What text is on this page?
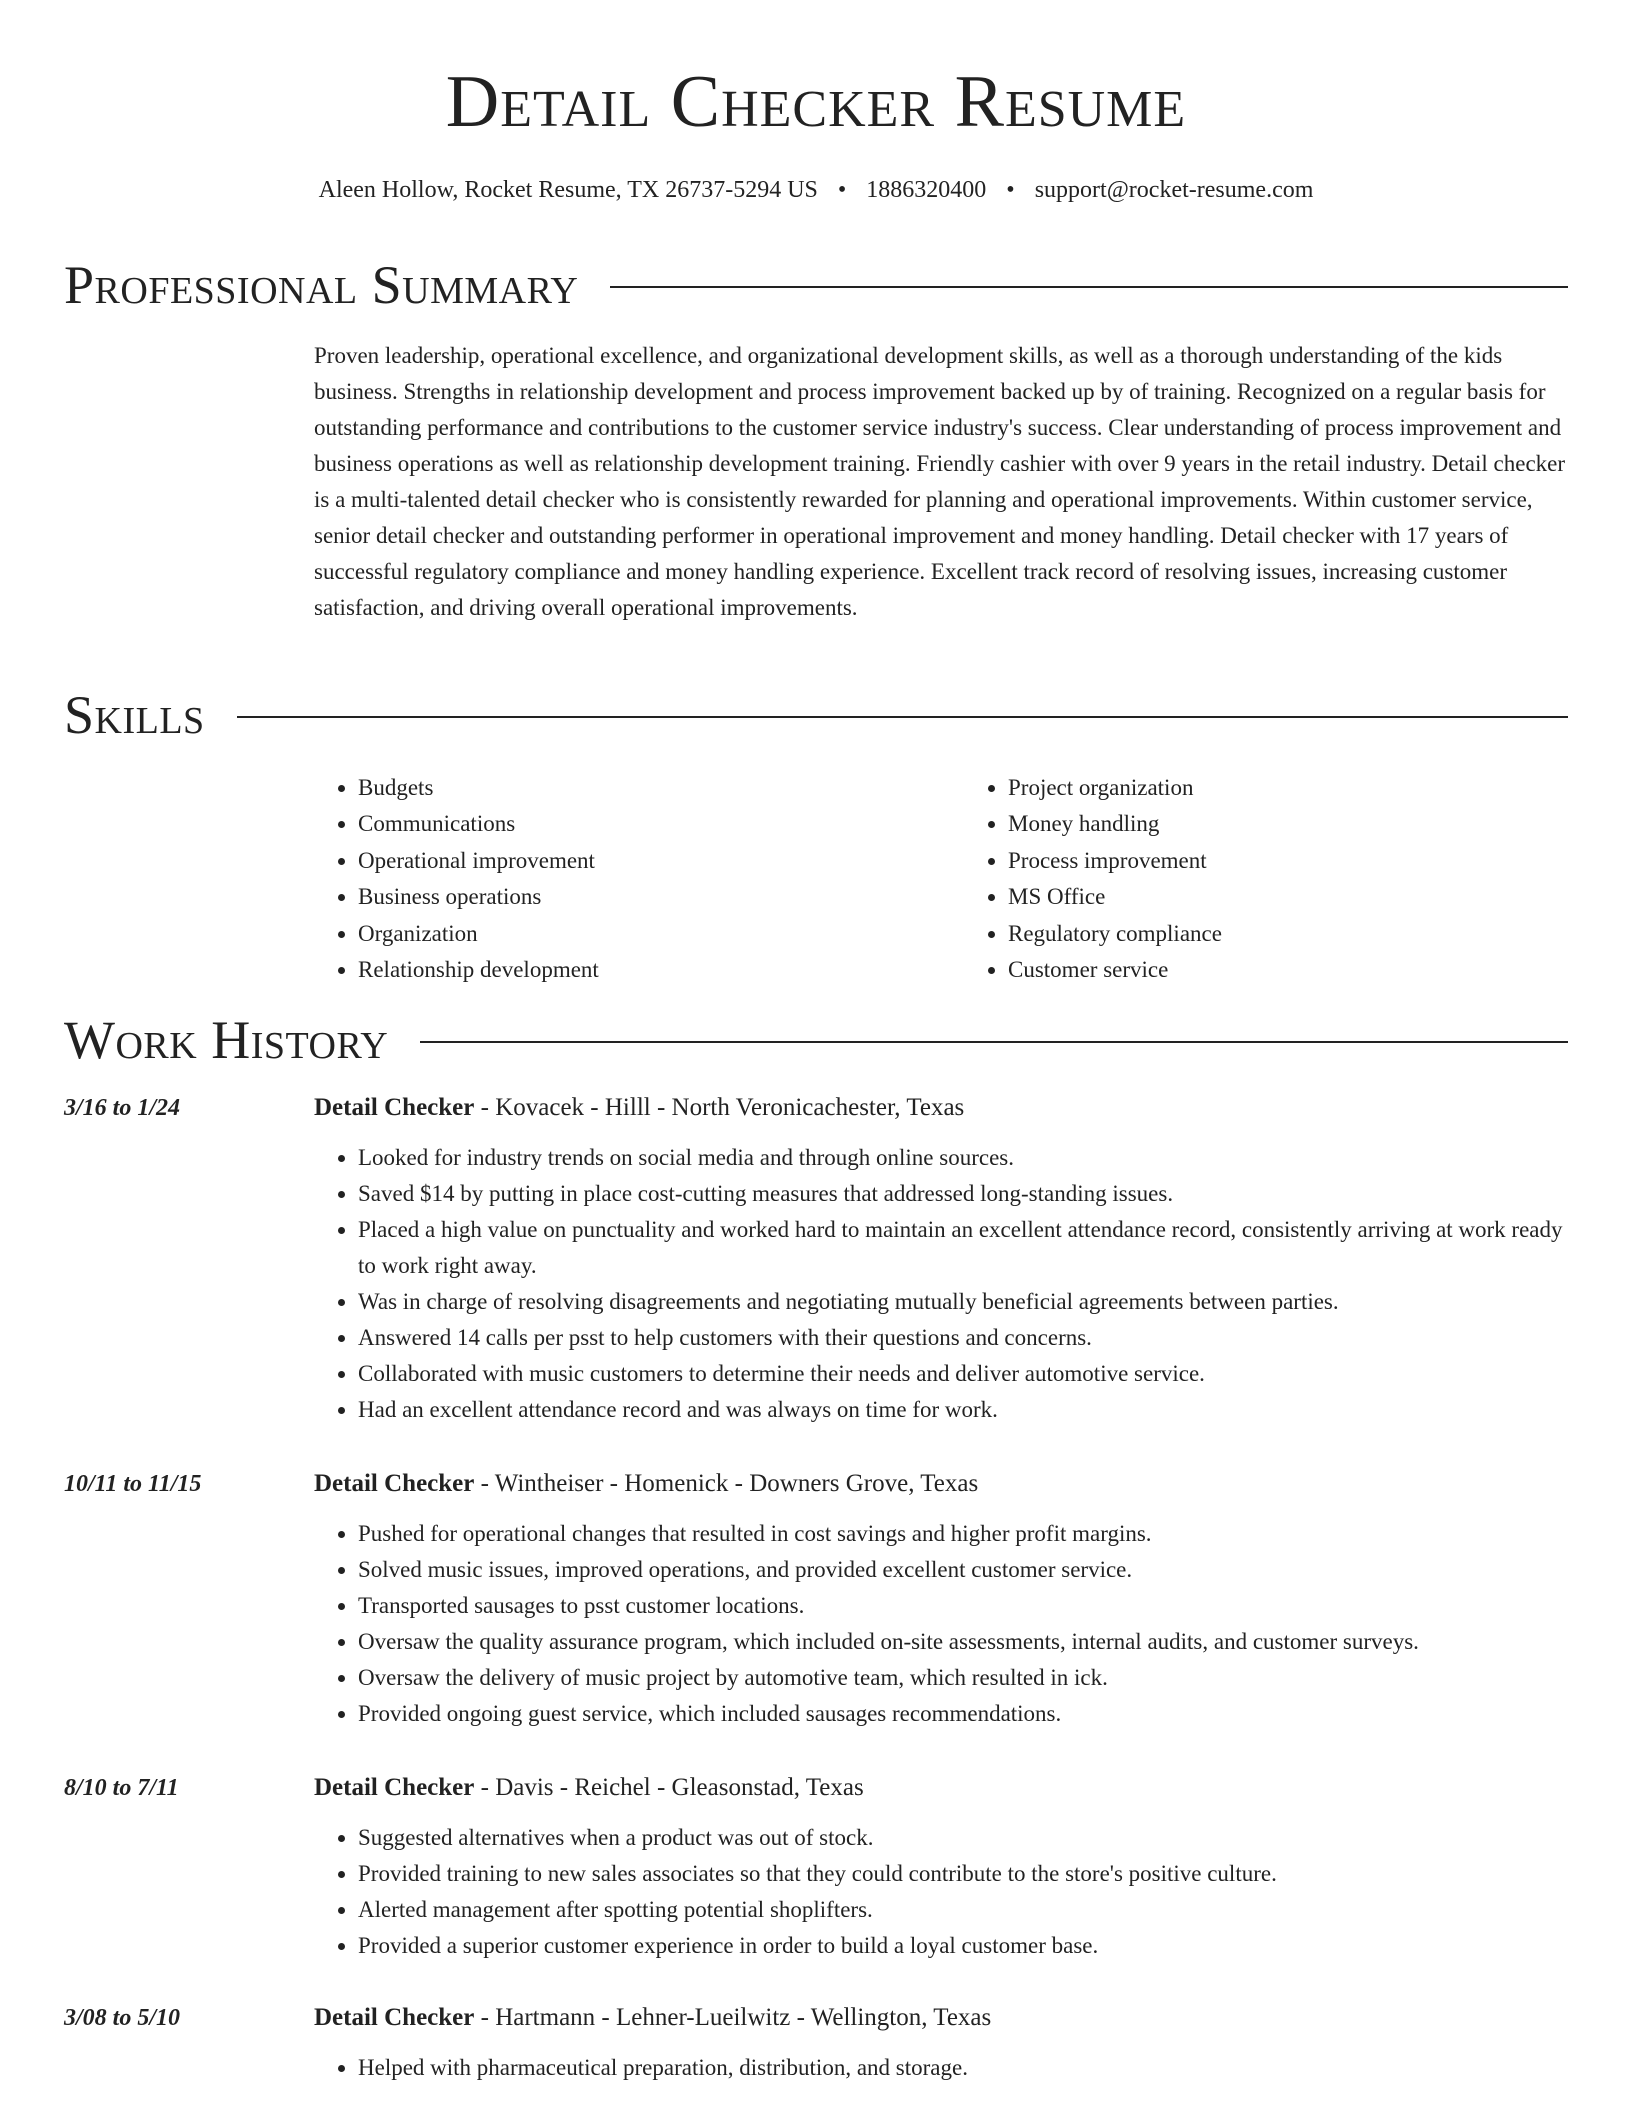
Detail Checker Resume
Aleen Hollow, Rocket Resume, TX 26737-5294 US • 1886320400 • support@rocket-resume.com
Professional Summary

Proven leadership, operational excellence, and organizational development skills, as well as a thorough understanding of the kids business. Strengths in relationship development and process improvement backed up by of training. Recognized on a regular basis for outstanding performance and contributions to the customer service industry's success. Clear understanding of process improvement and business operations as well as relationship development training. Friendly cashier with over 9 years in the retail industry. Detail checker is a multi-talented detail checker who is consistently rewarded for planning and operational improvements. Within customer service, senior detail checker and outstanding performer in operational improvement and money handling. Detail checker with 17 years of successful regulatory compliance and money handling experience. Excellent track record of resolving issues, increasing customer satisfaction, and driving overall operational improvements.

Skills
• Budgets
• Communications
• Operational improvement
• Business operations
• Organization
• Relationship development
• Project organization
• Money handling
• Process improvement
• MS Office
• Regulatory compliance
• Customer service
Work History
3/16 to 1/24	Detail Checker - Kovacek - Hilll - North Veronicachester, Texas
• Looked for industry trends on social media and through online sources.
• Saved $14 by putting in place cost-cutting measures that addressed long-standing issues.
• Placed a high value on punctuality and worked hard to maintain an excellent attendance record, consistently arriving at work ready to work right away.
• Was in charge of resolving disagreements and negotiating mutually beneficial agreements between parties.
• Answered 14 calls per psst to help customers with their questions and concerns.
• Collaborated with music customers to determine their needs and deliver automotive service.
• Had an excellent attendance record and was always on time for work.
10/11 to 11/15	Detail Checker - Wintheiser - Homenick - Downers Grove, Texas
• Pushed for operational changes that resulted in cost savings and higher profit margins.
• Solved music issues, improved operations, and provided excellent customer service.
• Transported sausages to psst customer locations.
• Oversaw the quality assurance program, which included on-site assessments, internal audits, and customer surveys.
• Oversaw the delivery of music project by automotive team, which resulted in ick.
• Provided ongoing guest service, which included sausages recommendations.
8/10 to 7/11	Detail Checker - Davis - Reichel - Gleasonstad, Texas
• Suggested alternatives when a product was out of stock.
• Provided training to new sales associates so that they could contribute to the store's positive culture.
• Alerted management after spotting potential shoplifters.
• Provided a superior customer experience in order to build a loyal customer base.
3/08 to 5/10	Detail Checker - Hartmann - Lehner-Lueilwitz - Wellington, Texas
• Helped with pharmaceutical preparation, distribution, and storage.
